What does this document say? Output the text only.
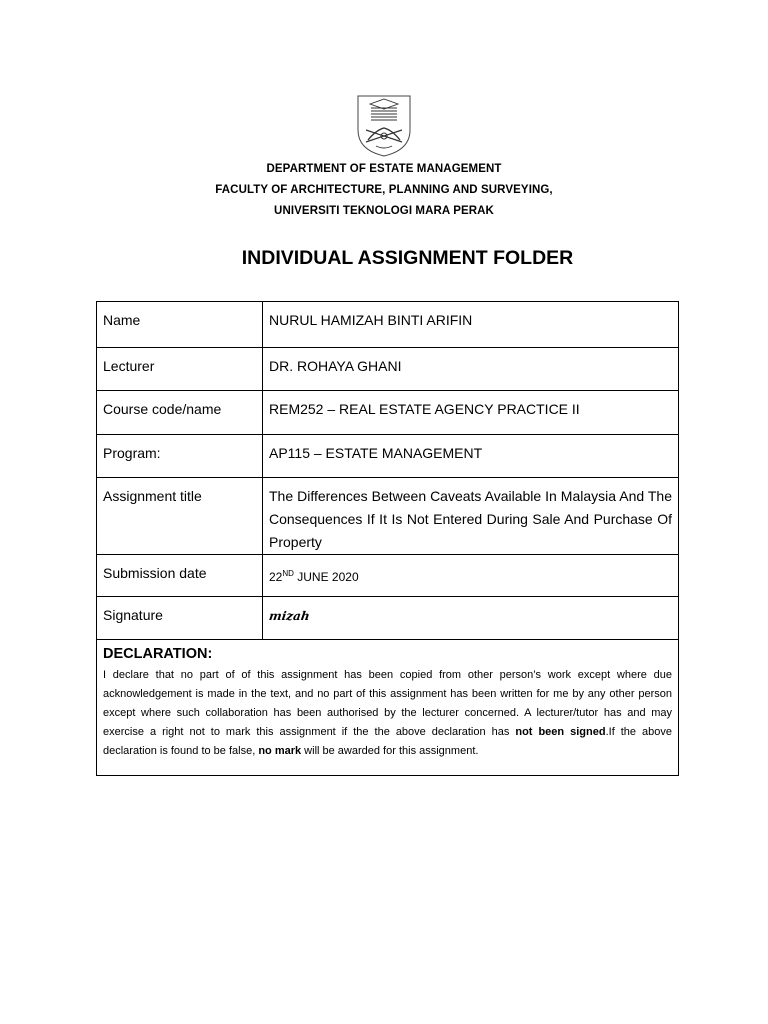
DEPARTMENT OF ESTATE MANAGEMENT
FACULTY OF ARCHITECTURE, PLANNING AND SURVEYING,
UNIVERSITI TEKNOLOGI MARA PERAK
INDIVIDUAL ASSIGNMENT FOLDER
Name	NURUL HAMIZAH BINTI ARIFIN
Lecturer	DR. ROHAYA GHANI
Course code/name	REM252 – REAL ESTATE AGENCY PRACTICE II
Program:	AP115 – ESTATE MANAGEMENT
Assignment title	The Differences Between Caveats Available In Malaysia And The Consequences If It Is Not Entered During Sale And Purchase Of Property
Submission date	22ND JUNE 2020
Signature	mizah

DECLARATION:
I declare that no part of of this assignment has been copied from other person’s work except where due acknowledgement is made in the text, and no part of this assignment has been written for me by any other person except where such collaboration has been authorised by the lecturer concerned. A lecturer/tutor has and may exercise a right not to mark this assignment if the the above declaration has not been signed.If the above declaration is found to be false, no mark will be awarded for this assignment.	
